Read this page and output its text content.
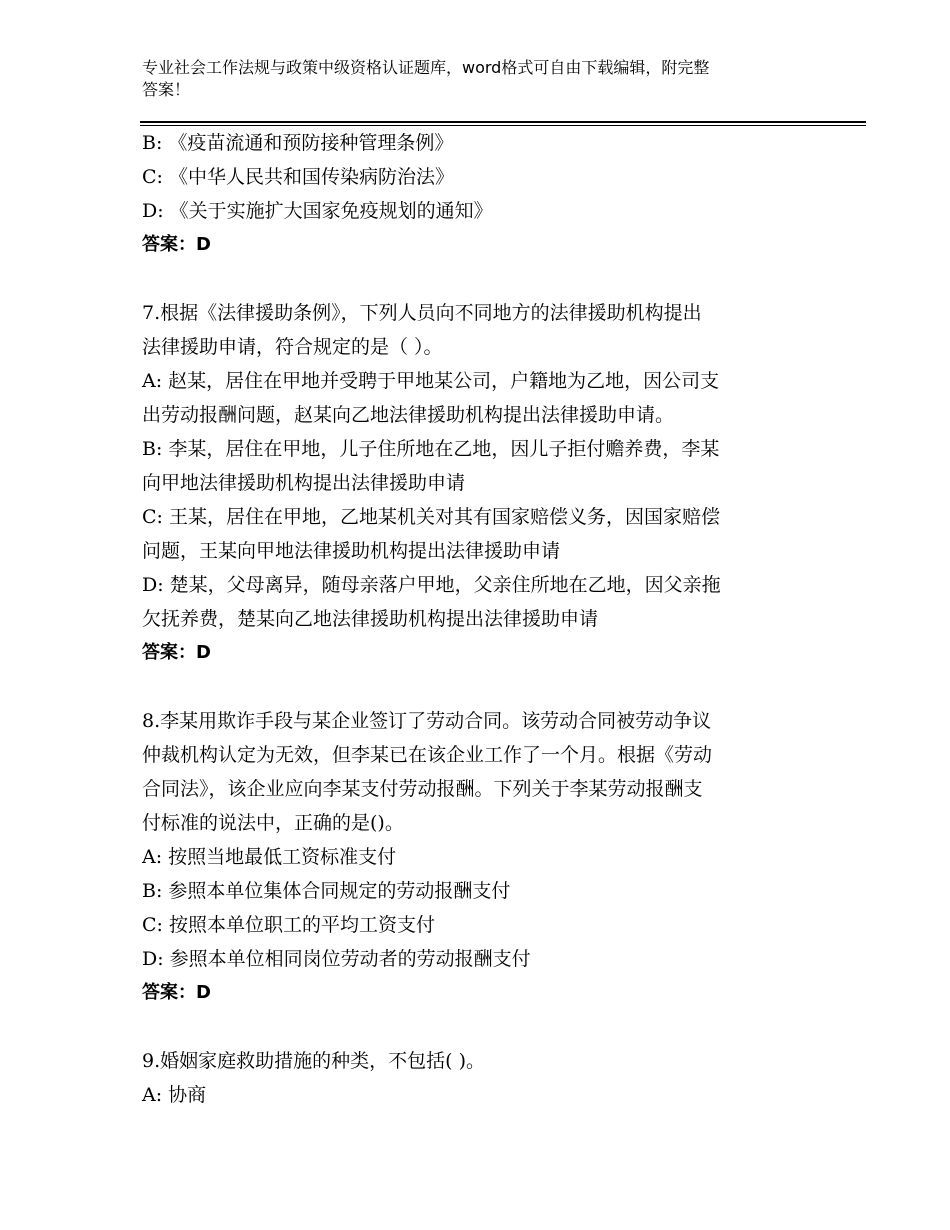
专业社会工作法规与政策中级资格认证题库，word格式可自由下载编辑，附完整
答案！
B: 《疫苗流通和预防接种管理条例》
C: 《中华人民共和国传染病防治法》
D: 《关于实施扩大国家免疫规划的通知》
答案：D
7.根据《法律援助条例》，下列人员向不同地方的法律援助机构提出
法律援助申请，符合规定的是（ ）。
A: 赵某，居住在甲地并受聘于甲地某公司，户籍地为乙地，因公司支
出劳动报酬问题，赵某向乙地法律援助机构提出法律援助申请。
B: 李某，居住在甲地，儿子住所地在乙地，因儿子拒付赡养费，李某
向甲地法律援助机构提出法律援助申请
C: 王某，居住在甲地，乙地某机关对其有国家赔偿义务，因国家赔偿
问题，王某向甲地法律援助机构提出法律援助申请
D: 楚某，父母离异，随母亲落户甲地，父亲住所地在乙地，因父亲拖
欠抚养费，楚某向乙地法律援助机构提出法律援助申请
答案：D
8.李某用欺诈手段与某企业签订了劳动合同。该劳动合同被劳动争议
仲裁机构认定为无效，但李某已在该企业工作了一个月。根据《劳动
合同法》，该企业应向李某支付劳动报酬。下列关于李某劳动报酬支
付标准的说法中，正确的是()。
A: 按照当地最低工资标准支付
B: 参照本单位集体合同规定的劳动报酬支付
C: 按照本单位职工的平均工资支付
D: 参照本单位相同岗位劳动者的劳动报酬支付
答案：D
9.婚姻家庭救助措施的种类，不包括( )。
A: 协商
